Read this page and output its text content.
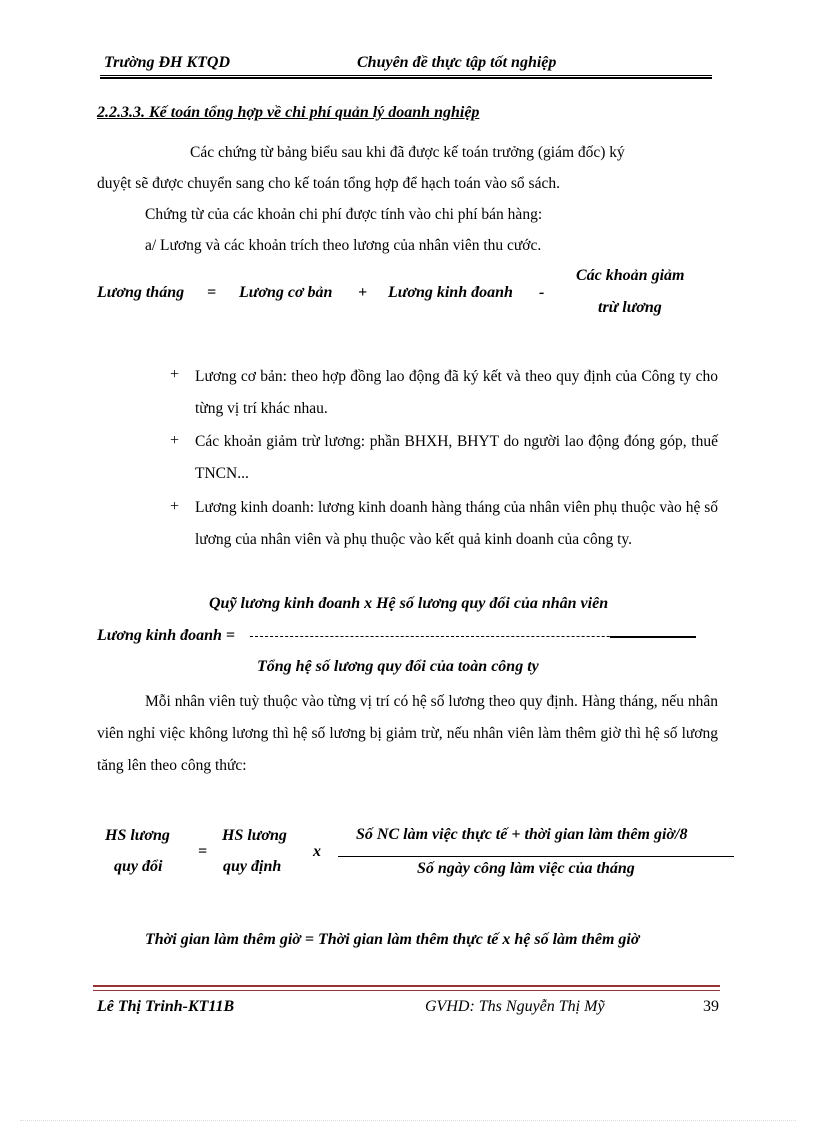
Trường ĐH KTQD	Chuyên đề thực tập tốt nghiệp
2.2.3.3. Kế toán tổng hợp về chi phí quản lý doanh nghiệp
Các chứng từ bảng biểu sau khi đã được kế toán trưởng (giám đốc) ký
duyệt sẽ được chuyển sang cho kế toán tổng hợp để hạch toán vào sổ sách.
Chứng từ của các khoản chi phí được tính vào chi phí bán hàng:
a/ Lương và các khoản trích theo lương của nhân viên thu cước.
Lương tháng = Lương cơ bản + Lương kinh đoanh -
Các khoản giảm
trừ lương
+ Lương cơ bản: theo hợp đồng lao động đã ký kết và theo quy định của Công ty cho từng vị trí khác nhau.
+ Các khoản giảm trừ lương: phần BHXH, BHYT do người lao động đóng góp, thuế TNCN...
+ Lương kinh doanh: lương kinh doanh hàng tháng của nhân viên phụ thuộc vào hệ số lương của nhân viên và phụ thuộc vào kết quả kinh doanh của công ty.
Quỹ lương kinh đoanh x Hệ số lương quy đổi của nhân viên
Lương kinh đoanh =
Tổng hệ số lương quy đổi của toàn công ty
Mỗi nhân viên tuỳ thuộc vào từng vị trí có hệ số lương theo quy định. Hàng tháng, nếu nhân viên nghỉ việc không lương thì hệ số lương bị giảm trừ, nếu nhân viên làm thêm giờ thì hệ số lương tăng lên theo công thức:
HS lương
quy đổi
=
HS lương
quy định
x
Số NC làm việc thực tế + thời gian làm thêm giờ/8
Số ngày công làm việc của tháng
Thời gian làm thêm giờ = Thời gian làm thêm thực tế x hệ số làm thêm giờ
Lê Thị Trinh-KT11B	GVHD: Ths Nguyễn Thị Mỹ	39
